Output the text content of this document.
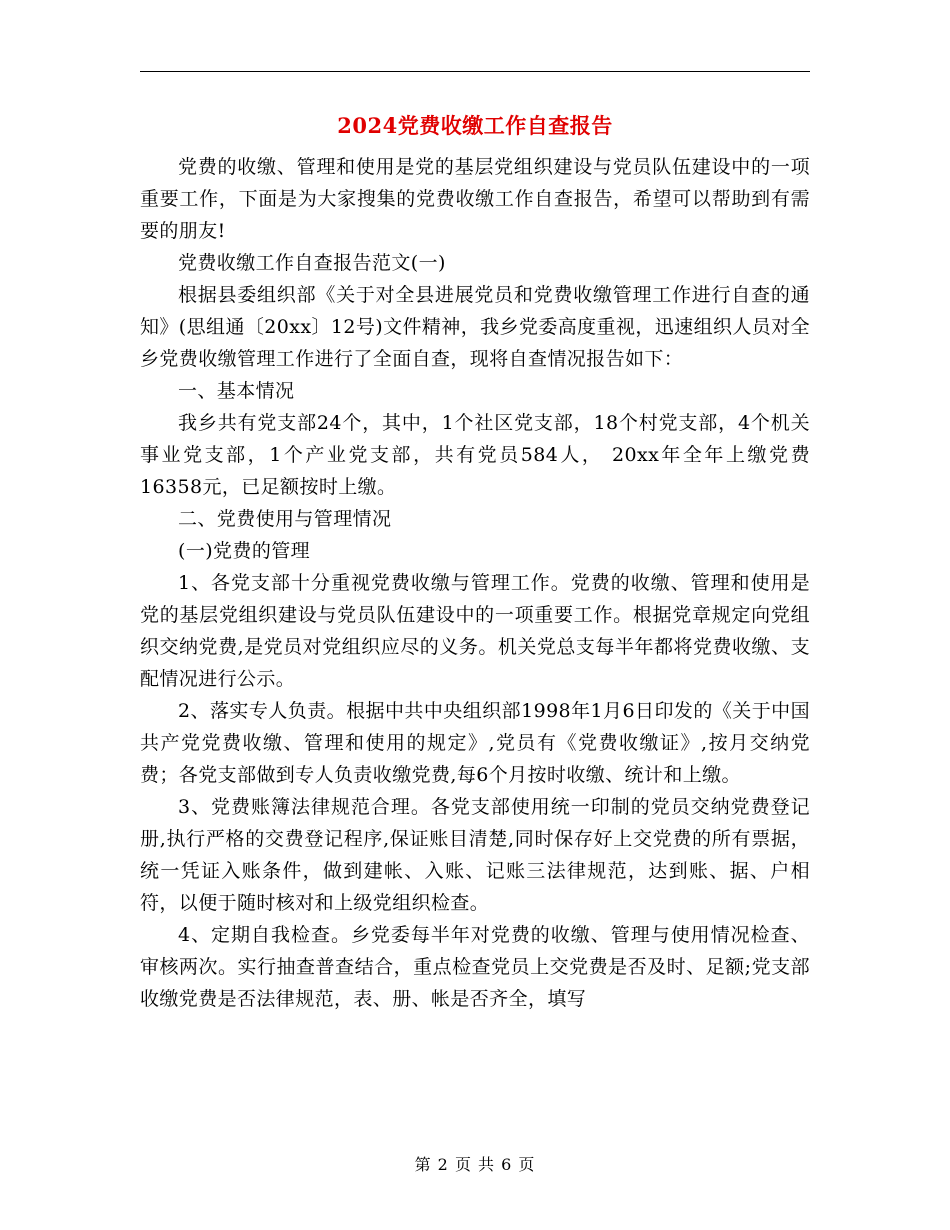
2024党费收缴工作自查报告

党费的收缴、管理和使用是党的基层党组织建设与党员队伍建设中的一项重要工作，下面是为大家搜集的党费收缴工作自查报告，希望可以帮助到有需要的朋友!

党费收缴工作自查报告范文(一)

根据县委组织部《关于对全县进展党员和党费收缴管理工作进行自查的通知》(思组通〔20xx〕12号)文件精神，我乡党委高度重视，迅速组织人员对全乡党费收缴管理工作进行了全面自查，现将自查情况报告如下：

一、基本情况

我乡共有党支部24个，其中，1个社区党支部，18个村党支部，4个机关事业党支部，1个产业党支部，共有党员584人， 20xx年全年上缴党费16358元，已足额按时上缴。

二、党费使用与管理情况

(一)党费的管理

1、各党支部十分重视党费收缴与管理工作。党费的收缴、管理和使用是党的基层党组织建设与党员队伍建设中的一项重要工作。根据党章规定向党组织交纳党费,是党员对党组织应尽的义务。机关党总支每半年都将党费收缴、支配情况进行公示。

2、落实专人负责。根据中共中央组织部1998年1月6日印发的《关于中国共产党党费收缴、管理和使用的规定》,党员有《党费收缴证》,按月交纳党费；各党支部做到专人负责收缴党费,每6个月按时收缴、统计和上缴。

3、党费账簿法律规范合理。各党支部使用统一印制的党员交纳党费登记册,执行严格的交费登记程序,保证账目清楚,同时保存好上交党费的所有票据，统一凭证入账条件，做到建帐、入账、记账三法律规范，达到账、据、户相符，以便于随时核对和上级党组织检查。

4、定期自我检查。乡党委每半年对党费的收缴、管理与使用情况检查、审核两次。实行抽查普查结合，重点检查党员上交党费是否及时、足额;党支部收缴党费是否法律规范，表、册、帐是否齐全，填写

第 2 页 共 6 页
